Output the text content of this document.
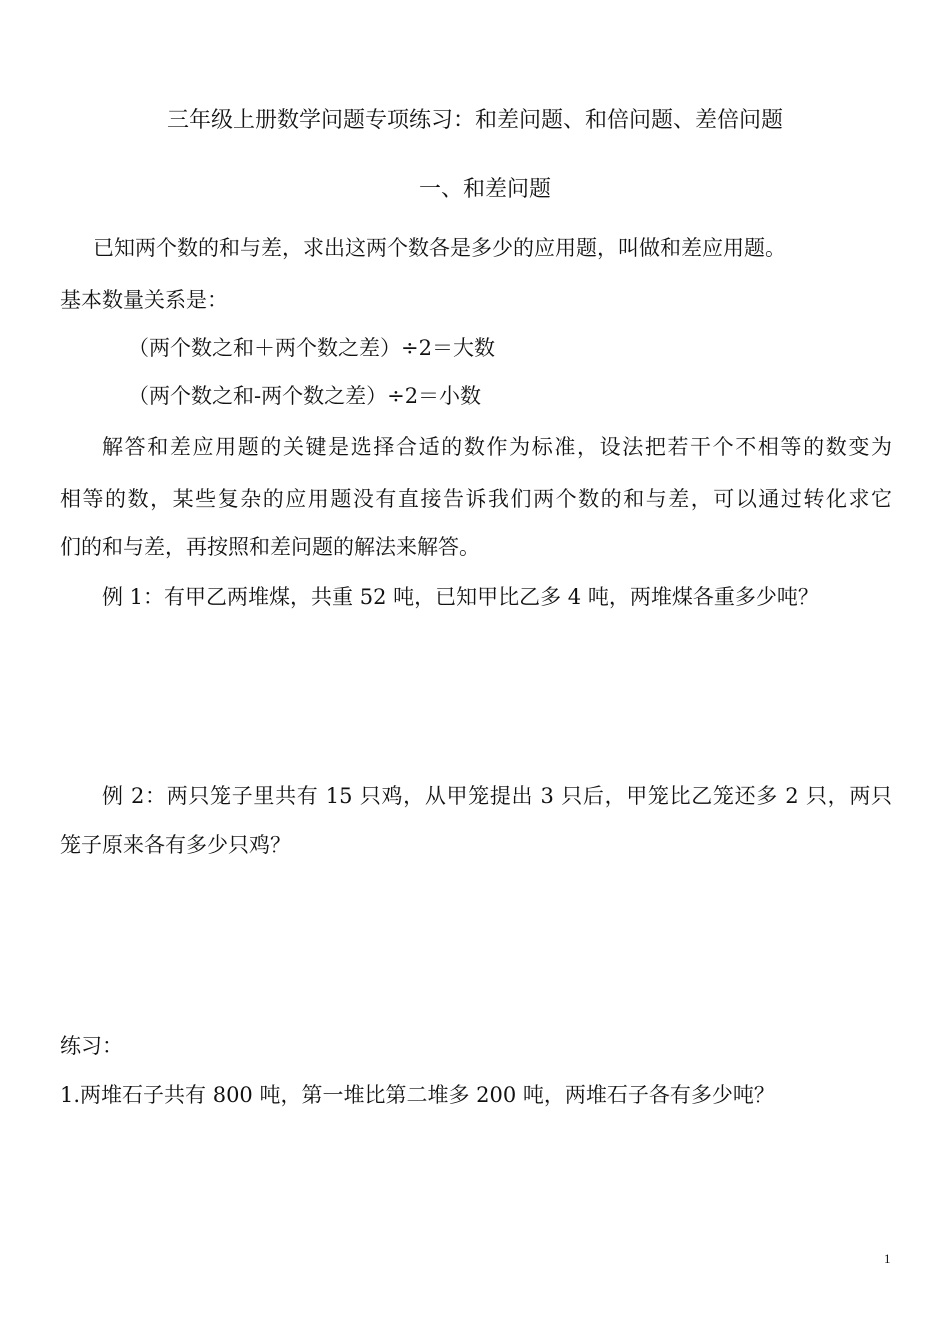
三年级上册数学问题专项练习：和差问题、和倍问题、差倍问题
一、和差问题
已知两个数的和与差，求出这两个数各是多少的应用题，叫做和差应用题。
基本数量关系是：
（两个数之和＋两个数之差）÷2＝大数
（两个数之和-两个数之差）÷2＝小数
解答和差应用题的关键是选择合适的数作为标准，设法把若干个不相等的数变为
相等的数，某些复杂的应用题没有直接告诉我们两个数的和与差，可以通过转化求它
们的和与差，再按照和差问题的解法来解答。
例 1：有甲乙两堆煤，共重 52 吨，已知甲比乙多 4 吨，两堆煤各重多少吨？
例 2：两只笼子里共有 15 只鸡，从甲笼提出 3 只后，甲笼比乙笼还多 2 只，两只
笼子原来各有多少只鸡？
练习：
1.两堆石子共有 800 吨，第一堆比第二堆多 200 吨，两堆石子各有多少吨？
1
